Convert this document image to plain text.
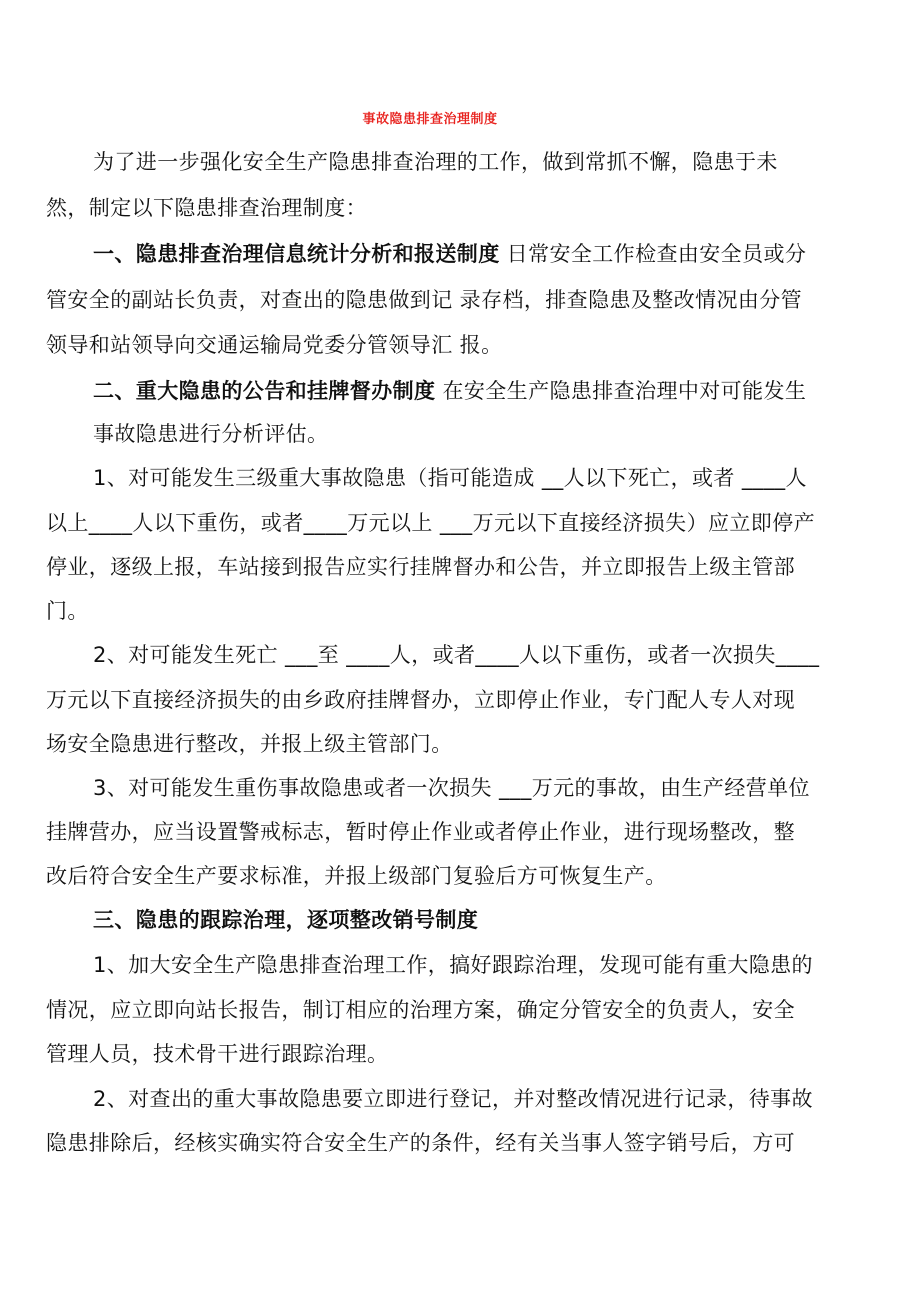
事故隐患排查治理制度
为了进一步强化安全生产隐患排查治理的工作，做到常抓不懈，隐患于未
然，制定以下隐患排查治理制度：
一、隐患排查治理信息统计分析和报送制度 日常安全工作检查由安全员或分
管安全的副站长负责，对查出的隐患做到记 录存档，排查隐患及整改情况由分管
领导和站领导向交通运输局党委分管领导汇 报。
二、重大隐患的公告和挂牌督办制度 在安全生产隐患排查治理中对可能发生
事故隐患进行分析评估。
1、对可能发生三级重大事故隐患（指可能造成 __人以下死亡，或者 ____人
以上____人以下重伤，或者____万元以上 ___万元以下直接经济损失）应立即停产
停业，逐级上报，车站接到报告应实行挂牌督办和公告，并立即报告上级主管部
门。
2、对可能发生死亡 ___至 ____人，或者____人以下重伤，或者一次损失____
万元以下直接经济损失的由乡政府挂牌督办，立即停止作业，专门配人专人对现
场安全隐患进行整改，并报上级主管部门。
3、对可能发生重伤事故隐患或者一次损失 ___万元的事故，由生产经营单位
挂牌营办，应当设置警戒标志，暂时停止作业或者停止作业，进行现场整改，整
改后符合安全生产要求标准，并报上级部门复验后方可恢复生产。
三、隐患的跟踪治理，逐项整改销号制度
1、加大安全生产隐患排查治理工作，搞好跟踪治理，发现可能有重大隐患的
情况，应立即向站长报告，制订相应的治理方案，确定分管安全的负责人，安全
管理人员，技术骨干进行跟踪治理。
2、对查出的重大事故隐患要立即进行登记，并对整改情况进行记录，待事故
隐患排除后，经核实确实符合安全生产的条件，经有关当事人签字销号后，方可
